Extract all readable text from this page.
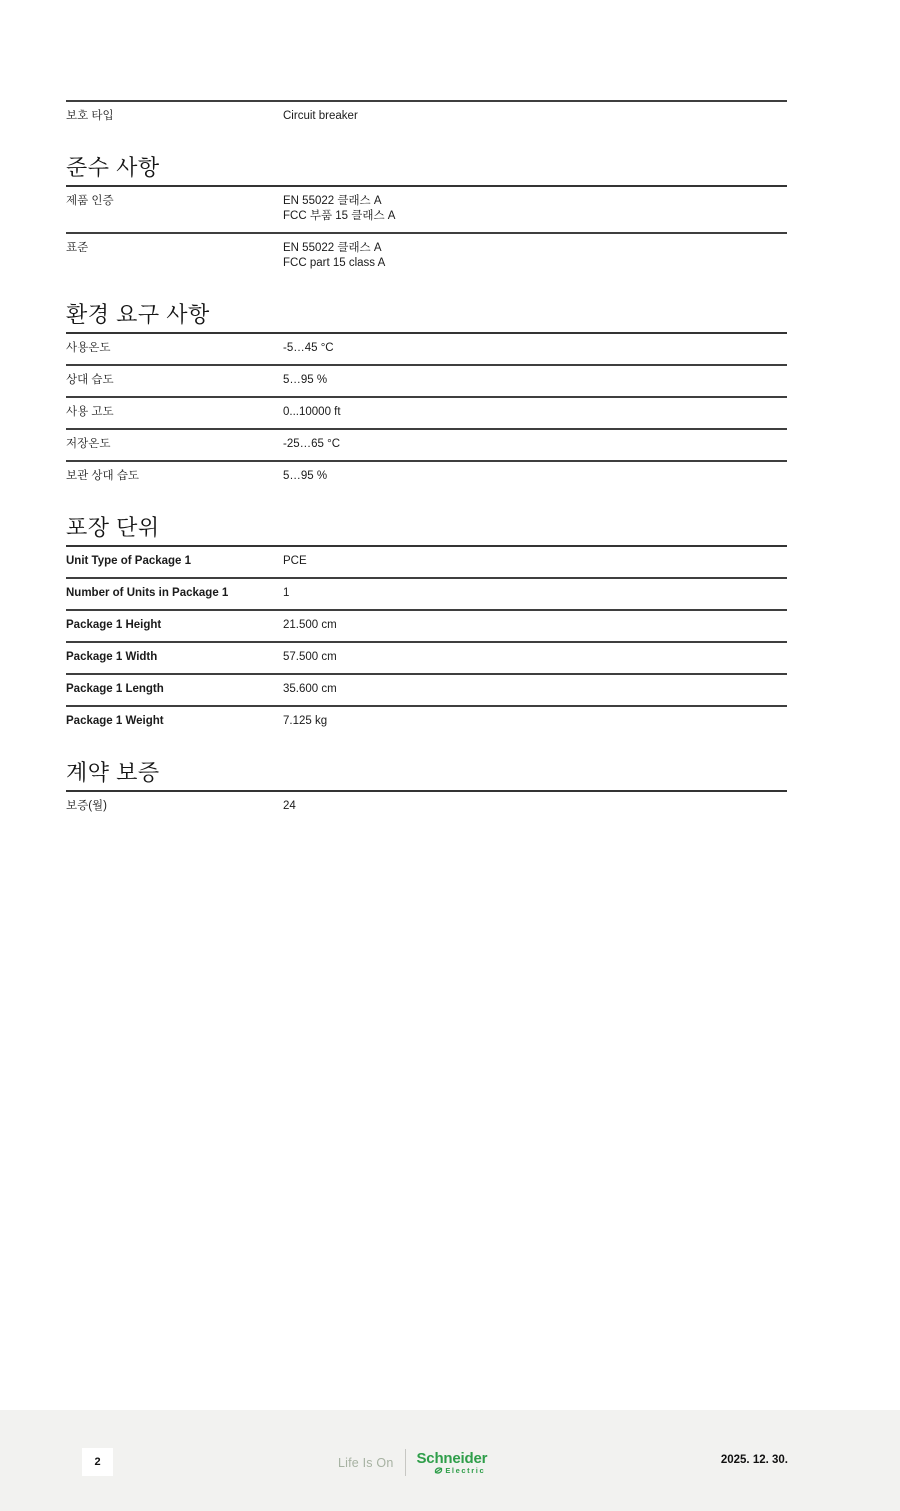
보호 타입	Circuit breaker
준수 사항
제품 인증	EN 55022 클래스 A
FCC 부품 15 클래스 A
표준	EN 55022 클래스 A
FCC part 15 class A
환경 요구 사항
사용온도	-5…45 °C
상대 습도	5…95 %
사용 고도	0...10000 ft
저장온도	-25…65 °C
보관 상대 습도	5…95 %
포장 단위
Unit Type of Package 1	PCE
Number of Units in Package 1	1
Package 1 Height	21.500 cm
Package 1 Width	57.500 cm
Package 1 Length	35.600 cm
Package 1 Weight	7.125 kg
계약 보증
보증(월)	24
2	Life Is On Schneider
Electric
2025. 12. 30.
